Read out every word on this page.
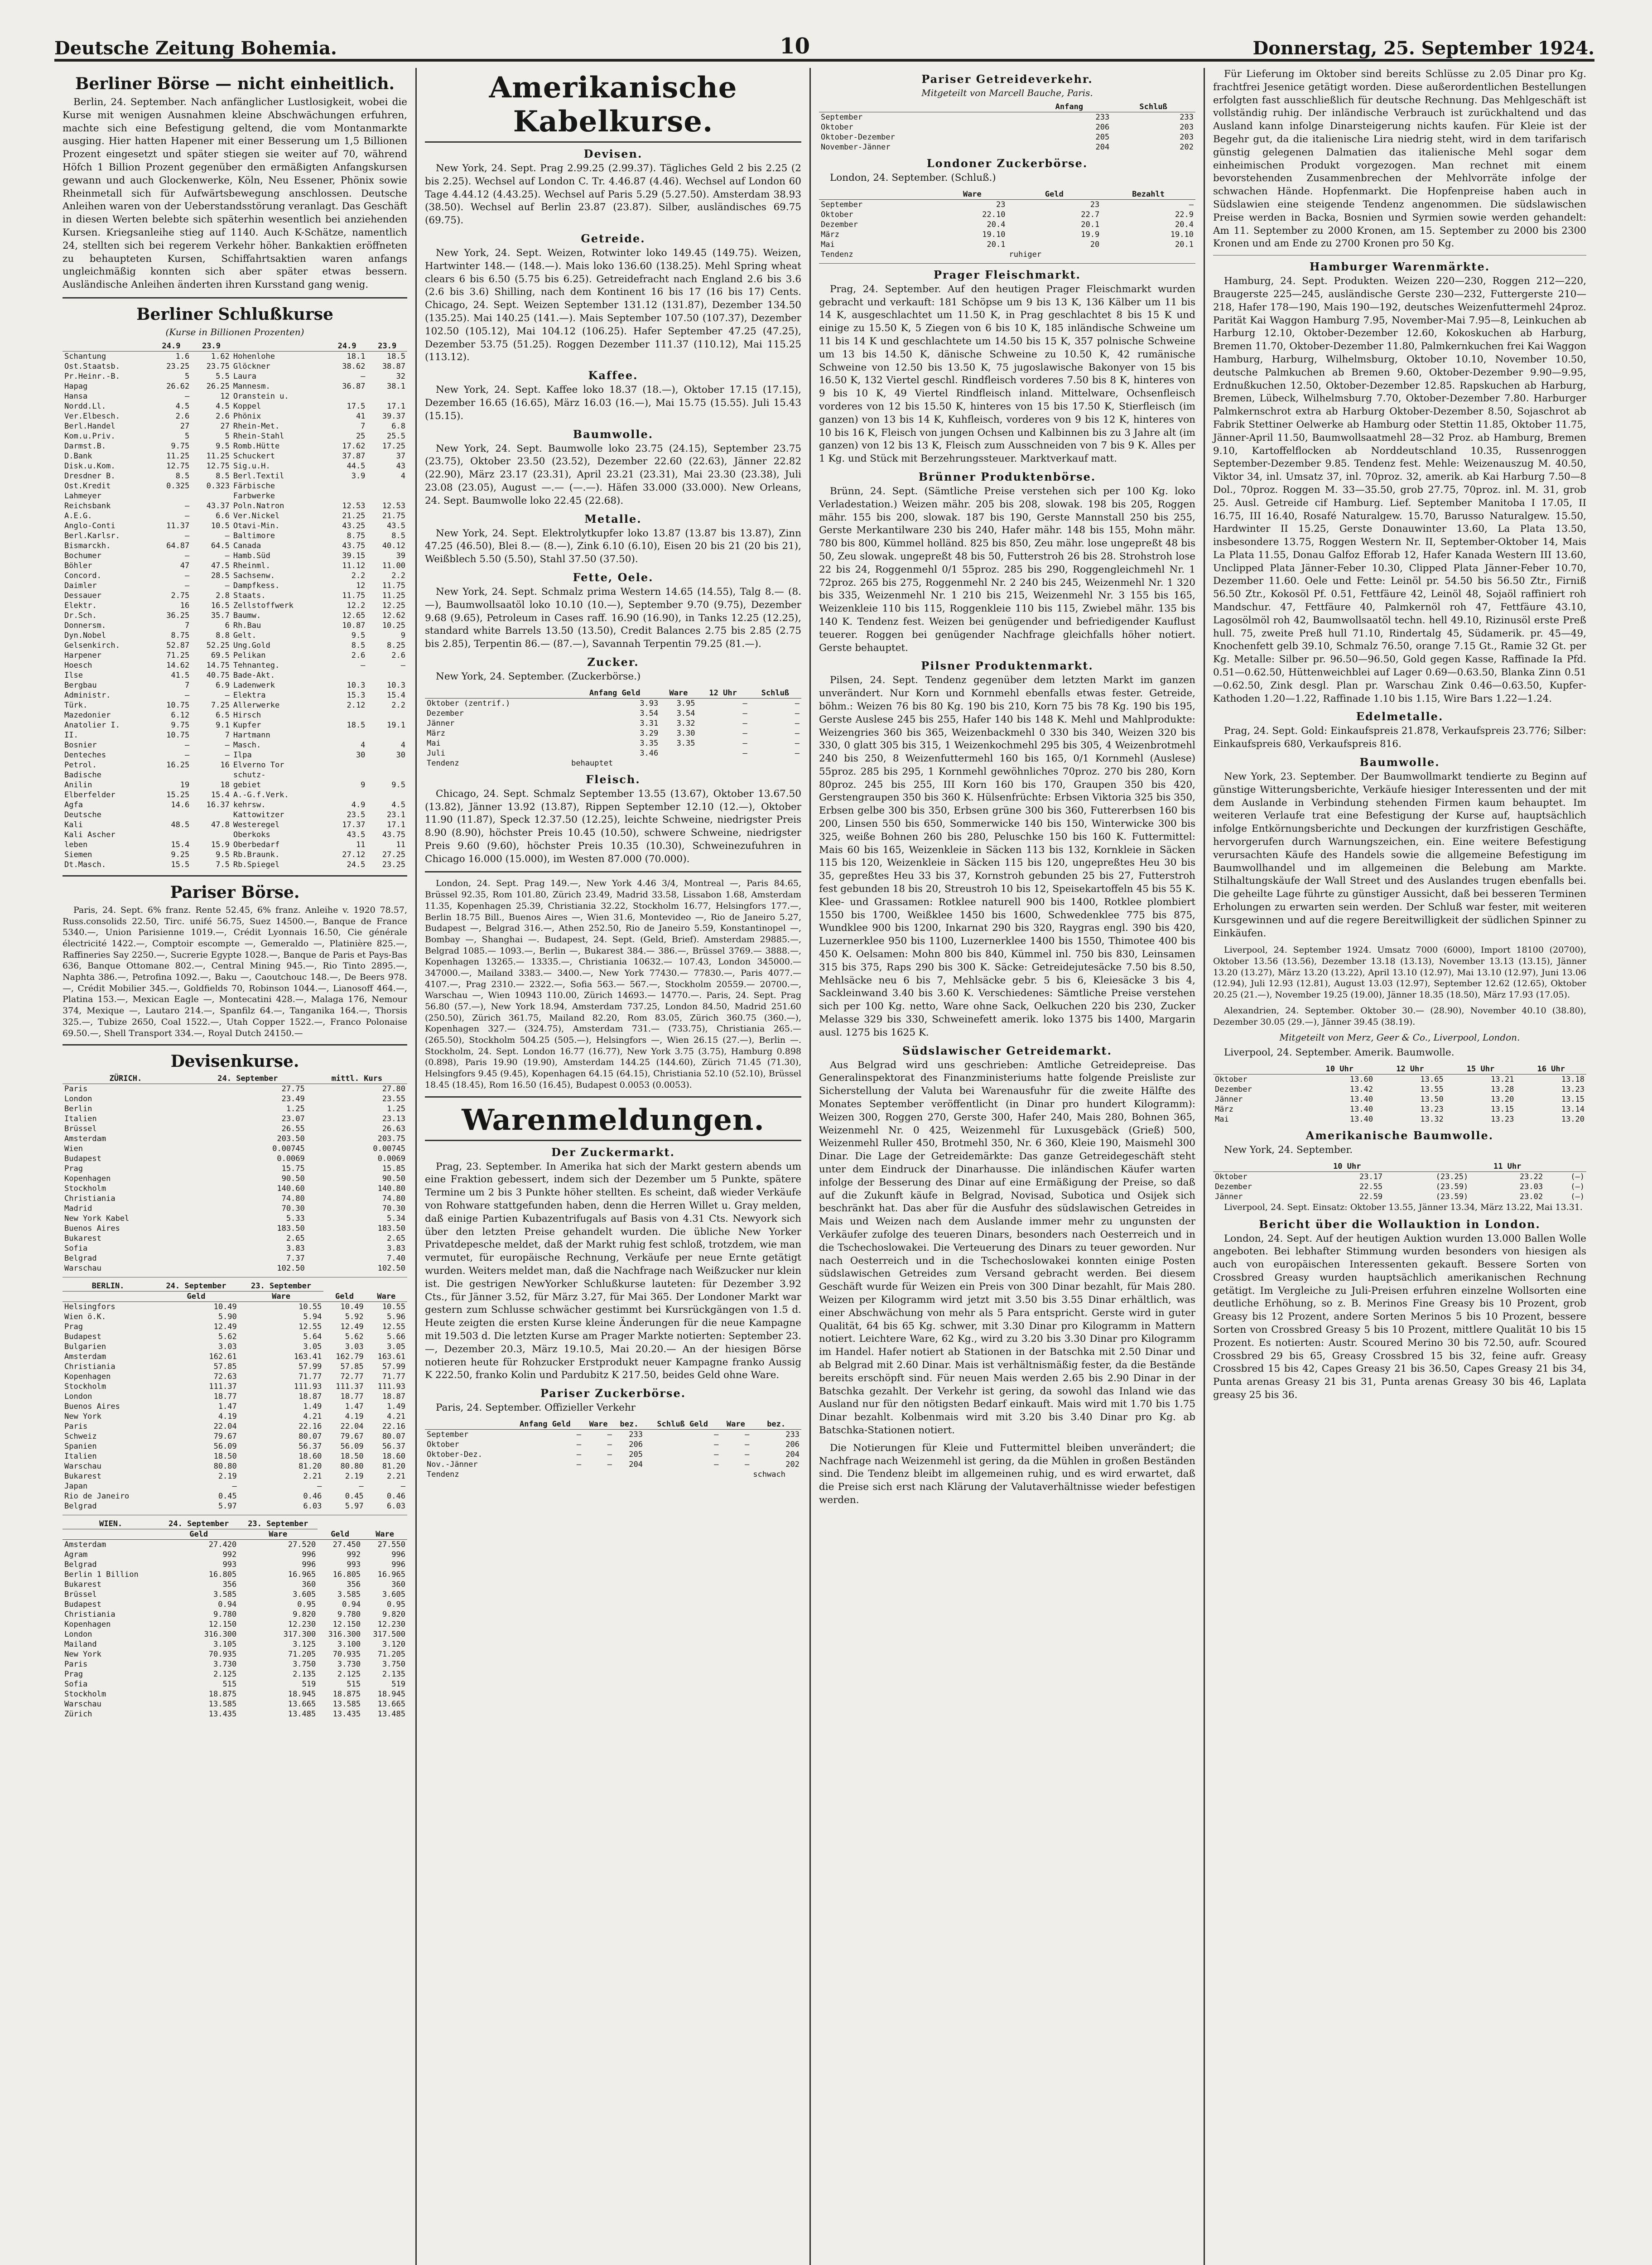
Deutsche Zeitung Bohemia.	10	Donnerstag, 25. September 1924.
Berliner Börse — nicht einheitlich.

Berlin, 24. September. Nach anfänglicher Lustlosigkeit, wobei die Kurse mit wenigen Ausnahmen kleine Abschwächungen erfuhren, machte sich eine Befestigung geltend, die vom Montanmarkte ausging. Hier hatten Hapener mit einer Besserung um 1,5 Billionen Prozent eingesetzt und später stiegen sie weiter auf 70, während Höfch 1 Billion Prozent gegenüber den ermäßigten Anfangskursen gewann und auch Glockenwerke, Köln, Neu Essener, Phönix sowie Rheinmetall sich für Aufwärtsbewegung anschlossen. Deutsche Anleihen waren von der Ueberstandsstörung veranlagt. Das Geschäft in diesen Werten belebte sich späterhin wesentlich bei anziehenden Kursen. Kriegsanleihe stieg auf 1140. Auch K-Schätze, namentlich 24, stellten sich bei regerem Verkehr höher. Bankaktien eröffneten zu behaupteten Kursen, Schiffahrtsaktien waren anfangs ungleichmäßig konnten sich aber später etwas bessern. Ausländische Anleihen änderten ihren Kursstand gang wenig.

Berliner Schlußkurse
(Kurse in Billionen Prozenten)
	24.9	23.9		24.9	23.9
Schantung	1.6	1.62	Hohenlohe	18.1	18.5
Ost.Staatsb.	23.25	23.75	Glöckner	38.62	38.87
Pr.Heinr.-B.	5	5.5	Laura	—	32
Hapag	26.62	26.25	Mannesm.	36.87	38.1
Hansa	—	12	Oranstein u.		
Nordd.Ll.	4.5	4.5	Koppel	17.5	17.1
Ver.Elbesch.	2.6	2.6	Phönix	41	39.37
Berl.Handel	27	27	Rhein-Met.	7	6.8
Kom.u.Priv.	5	5	Rhein-Stahl	25	25.5
Darmst.B.	9.75	9.5	Romb.Hütte	17.62	17.25
D.Bank	11.25	11.25	Schuckert	37.87	37
Disk.u.Kom.	12.75	12.75	Sig.u.H.	44.5	43
Dresdner B.	8.5	8.5	Berl.Textil	3.9	4
Ost.Kredit	0.325	0.323	Färbische		
Lahmeyer			Farbwerke		
Reichsbank	—	43.37	Poln.Natron	12.53	12.53
A.E.G.	—	6.6	Ver.Nickel	21.25	21.75
Anglo-Conti	11.37	10.5	Otavi-Min.	43.25	43.5
Berl.Karlsr.	—	—	Baltimore	8.75	8.5
Bismarckh.	64.87	64.5	Canada	43.75	40.12
Bochumer	—	—	Hamb.Süd	39.15	39
Böhler	47	47.5	Rheinml.	11.12	11.00
Concord.	—	28.5	Sachsenw.	2.2	2.2
Daimler	—	—	Dampfkess.	12	11.75
Dessauer	2.75	2.8	Staats.	11.75	11.25
Elektr.	16	16.5	Zellstoffwerk	12.2	12.25
Dr.Sch.	36.25	35.7	Baumw.	12.65	12.62
Donnersm.	7	6	Rh.Bau	10.87	10.25
Dyn.Nobel	8.75	8.8	Gelt.	9.5	9
Gelsenkirch.	52.87	52.25	Ung.Gold	8.5	8.25
Harpener	71.25	69.5	Pelikan	2.6	2.6
Hoesch	14.62	14.75	Tehnanteg.	—	—
Ilse	41.5	40.75	Bade-Akt.		
Bergbau	7	6.9	Ladenwerk	10.3	10.3
Administr.	—	—	Elektra	15.3	15.4
Türk.	10.75	7.25	Allerwerke	2.12	2.2
Mazedonier	6.12	6.5	Hirsch		
Anatolier I.	9.75	9.1	Kupfer	18.5	19.1
II.	10.75	7	Hartmann		
Bosnier	—	—	Masch.	4	4
Denteches	—	—	Ilpa	30	30
Petrol.	16.25	16	Elverno Tor		
Badische			schutz-		
Anilin	19	18	gebiet	9	9.5
Elberfelder	15.25	15.4	A.-G.f.Verk.		
Agfa	14.6	16.37	kehrsw.	4.9	4.5
Deutsche			Kattowitzer	23.5	23.1
Kali	48.5	47.8	Westeregel	17.37	17.1
Kali Ascher			Oberkoks	43.5	43.75
leben	15.4	15.9	Oberbedarf	11	11
Siemen	9.25	9.5	Rb.Braunk.	27.12	27.25
Dt.Masch.	15.5	7.5	Rb.Spiegel	24.5	23.25
Pariser Börse.

Paris, 24. Sept. 6% franz. Rente 52.45, 6% franz. Anleihe v. 1920 78.57, Russ.consolids 22.50, Tirc. unifé 56.75, Suez 14500.—, Banque de France 5340.—, Union Parisienne 1019.—, Crédit Lyonnais 16.50, Cie générale électricité 1422.—, Comptoir escompte —, Gemeraldo —, Platinière 825.—, Raffineries Say 2250.—, Sucrerie Egypte 1028.—, Banque de Paris et Pays-Bas 636, Banque Ottomane 802.—, Central Mining 945.—, Rio Tinto 2895.—, Naphta 386.—, Petrofina 1092.—, Baku —, Caoutchouc 148.—, De Beers 978.—, Crédit Mobilier 345.—, Goldfields 70, Robinson 1044.—, Lianosoff 464.—, Platina 153.—, Mexican Eagle —, Montecatini 428.—, Malaga 176, Nemour 374, Mexique —, Lautaro 214.—, Spanfilz 64.—, Tanganika 164.—, Thorsis 325.—, Tubize 2650, Coal 1522.—, Utah Copper 1522.—, Franco Polonaise 69.50.—, Shell Transport 334.—, Royal Dutch 24150.—

Devisenkurse.
ZÜRICH.	24. September	mittl. Kurs
Paris	27.75	27.80
London	23.49	23.55
Berlin	1.25	1.25
Italien	23.07	23.13
Brüssel	26.55	26.63
Amsterdam	203.50	203.75
Wien	0.00745	0.00745
Budapest	0.0069	0.0069
Prag	15.75	15.85
Kopenhagen	90.50	90.50
Stockholm	140.60	140.80
Christiania	74.80	74.80
Madrid	70.30	70.30
New York Kabel	5.33	5.34
Buenos Aires	183.50	183.50
Bukarest	2.65	2.65
Sofia	3.83	3.83
Belgrad	7.37	7.40
Warschau	102.50	102.50
BERLIN.	24. September	23. September		
	Geld	Ware	Geld	Ware
Helsingfors	10.49	10.55	10.49	10.55
Wien ö.K.	5.90	5.94	5.92	5.96
Prag	12.49	12.55	12.49	12.55
Budapest	5.62	5.64	5.62	5.66
Bulgarien	3.03	3.05	3.03	3.05
Amsterdam	162.61	163.41	162.79	163.61
Christiania	57.85	57.99	57.85	57.99
Kopenhagen	72.63	71.77	72.77	71.77
Stockholm	111.37	111.93	111.37	111.93
London	18.77	18.87	18.77	18.87
Buenos Aires	1.47	1.49	1.47	1.49
New York	4.19	4.21	4.19	4.21
Paris	22.04	22.16	22.04	22.16
Schweiz	79.67	80.07	79.67	80.07
Spanien	56.09	56.37	56.09	56.37
Italien	18.50	18.60	18.50	18.60
Warschau	80.80	81.20	80.80	81.20
Bukarest	2.19	2.21	2.19	2.21
Japan	—	—	—	—
Rio de Janeiro	0.45	0.46	0.45	0.46
Belgrad	5.97	6.03	5.97	6.03
WIEN.	24. September	23. September		
	Geld	Ware	Geld	Ware
Amsterdam	27.420	27.520	27.450	27.550
Agram	992	996	992	996
Belgrad	993	996	993	996
Berlin 1 Billion	16.805	16.965	16.805	16.965
Bukarest	356	360	356	360
Brüssel	3.585	3.605	3.585	3.605
Budapest	0.94	0.95	0.94	0.95
Christiania	9.780	9.820	9.780	9.820
Kopenhagen	12.150	12.230	12.150	12.230
London	316.300	317.300	316.300	317.500
Mailand	3.105	3.125	3.100	3.120
New York	70.935	71.205	70.935	71.205
Paris	3.730	3.750	3.730	3.750
Prag	2.125	2.135	2.125	2.135
Sofia	515	519	515	519
Stockholm	18.875	18.945	18.875	18.945
Warschau	13.585	13.665	13.585	13.665
Zürich	13.435	13.485	13.435	13.485
Amerikanische Kabelkurse.
Devisen.

New York, 24. Sept. Prag 2.99.25 (2.99.37). Tägliches Geld 2 bis 2.25 (2 bis 2.25). Wechsel auf London C. Tr. 4.46.87 (4.46). Wechsel auf London 60 Tage 4.44.12 (4.43.25). Wechsel auf Paris 5.29 (5.27.50). Amsterdam 38.93 (38.50). Wechsel auf Berlin 23.87 (23.87). Silber, ausländisches 69.75 (69.75).

Getreide.

New York, 24. Sept. Weizen, Rotwinter loko 149.45 (149.75). Weizen, Hartwinter 148.— (148.—). Mais loko 136.60 (138.25). Mehl Spring wheat clears 6 bis 6.50 (5.75 bis 6.25). Getreidefracht nach England 2.6 bis 3.6 (2.6 bis 3.6) Shilling, nach dem Kontinent 16 bis 17 (16 bis 17) Cents. Chicago, 24. Sept. Weizen September 131.12 (131.87), Dezember 134.50 (135.25). Mai 140.25 (141.—). Mais September 107.50 (107.37), Dezember 102.50 (105.12), Mai 104.12 (106.25). Hafer September 47.25 (47.25), Dezember 53.75 (51.25). Roggen Dezember 111.37 (110.12), Mai 115.25 (113.12).

Kaffee.

New York, 24. Sept. Kaffee loko 18.37 (18.—), Oktober 17.15 (17.15), Dezember 16.65 (16.65), März 16.03 (16.—), Mai 15.75 (15.55). Juli 15.43 (15.15).

Baumwolle.

New York, 24. Sept. Baumwolle loko 23.75 (24.15), September 23.75 (23.75), Oktober 23.50 (23.52), Dezember 22.60 (22.63), Jänner 22.82 (22.90), März 23.17 (23.31), April 23.21 (23.31), Mai 23.30 (23.38), Juli 23.08 (23.05), August —.— (—.—). Häfen 33.000 (33.000). New Orleans, 24. Sept. Baumwolle loko 22.45 (22.68).

Metalle.

New York, 24. Sept. Elektrolytkupfer loko 13.87 (13.87 bis 13.87), Zinn 47.25 (46.50), Blei 8.— (8.—), Zink 6.10 (6.10), Eisen 20 bis 21 (20 bis 21), Weißblech 5.50 (5.50), Stahl 37.50 (37.50).

Fette, Oele.

New York, 24. Sept. Schmalz prima Western 14.65 (14.55), Talg 8.— (8.—), Baumwollsaatöl loko 10.10 (10.—), September 9.70 (9.75), Dezember 9.68 (9.65), Petroleum in Cases raff. 16.90 (16.90), in Tanks 12.25 (12.25), standard white Barrels 13.50 (13.50), Credit Balances 2.75 bis 2.85 (2.75 bis 2.85), Terpentin 86.— (87.—), Savannah Terpentin 79.25 (81.—).

Zucker.

New York, 24. September. (Zuckerbörse.)

	Anfang Geld	Ware	12 Uhr	Schluß
Oktober (zentrif.)	3.93	3.95	—	—
Dezember	3.54	3.54	—	—
Jänner	3.31	3.32	—	—
März	3.29	3.30	—	—
Mai	3.35	3.35	—	—
Juli	3.46		—	—
Tendenz	behauptet			
Fleisch.

Chicago, 24. Sept. Schmalz September 13.55 (13.67), Oktober 13.67.50 (13.82), Jänner 13.92 (13.87), Rippen September 12.10 (12.—), Oktober 11.90 (11.87), Speck 12.37.50 (12.25), leichte Schweine, niedrigster Preis 8.90 (8.90), höchster Preis 10.45 (10.50), schwere Schweine, niedrigster Preis 9.60 (9.60), höchster Preis 10.35 (10.30), Schweinezufuhren in Chicago 16.000 (15.000), im Westen 87.000 (70.000).

London, 24. Sept. Prag 149.—, New York 4.46 3/4, Montreal —, Paris 84.65, Brüssel 92.35, Rom 101.80, Zürich 23.49, Madrid 33.58, Lissabon 1.68, Amsterdam 11.35, Kopenhagen 25.39, Christiania 32.22, Stockholm 16.77, Helsingfors 177.—, Berlin 18.75 Bill., Buenos Aires —, Wien 31.6, Montevideo —, Rio de Janeiro 5.27, Budapest —, Belgrad 316.—, Athen 252.50, Rio de Janeiro 5.59, Konstantinopel —, Bombay —, Shanghai —. Budapest, 24. Sept. (Geld, Brief). Amsterdam 29885.—, Belgrad 1085.— 1093.—, Berlin —, Bukarest 384.— 386.—, Brüssel 3769.— 3888.—, Kopenhagen 13265.— 13335.—, Christiania 10632.— 107.43, London 345000.— 347000.—, Mailand 3383.— 3400.—, New York 77430.— 77830.—, Paris 4077.— 4107.—, Prag 2310.— 2322.—, Sofia 563.— 567.—, Stockholm 20559.— 20700.—, Warschau —, Wien 10943 110.00, Zürich 14693.— 14770.—. Paris, 24. Sept. Prag 56.80 (57.—), New York 18.94, Amsterdam 737.25, London 84.50, Madrid 251.60 (250.50), Zürich 361.75, Mailand 82.20, Rom 83.05, Zürich 360.75 (360.—), Kopenhagen 327.— (324.75), Amsterdam 731.— (733.75), Christiania 265.— (265.50), Stockholm 504.25 (505.—), Helsingfors —, Wien 26.15 (27.—), Berlin —. Stockholm, 24. Sept. London 16.77 (16.77), New York 3.75 (3.75), Hamburg 0.898 (0.898), Paris 19.90 (19.90), Amsterdam 144.25 (144.60), Zürich 71.45 (71.30), Helsingfors 9.45 (9.45), Kopenhagen 64.15 (64.15), Christiania 52.10 (52.10), Brüssel 18.45 (18.45), Rom 16.50 (16.45), Budapest 0.0053 (0.0053).

Warenmeldungen.
Der Zuckermarkt.

Prag, 23. September. In Amerika hat sich der Markt gestern abends um eine Fraktion gebessert, indem sich der Dezember um 5 Punkte, spätere Termine um 2 bis 3 Punkte höher stellten. Es scheint, daß wieder Verkäufe von Rohware stattgefunden haben, denn die Herren Willet u. Gray melden, daß einige Partien Kubazentrifugals auf Basis von 4.31 Cts. Newyork sich über den letzten Preise gehandelt wurden. Die übliche New Yorker Privatdepesche meldet, daß der Markt ruhig fest schloß, trotzdem, wie man vermutet, für europäische Rechnung, Verkäufe per neue Ernte getätigt wurden. Weiters meldet man, daß die Nachfrage nach Weißzucker nur klein ist. Die gestrigen NewYorker Schlußkurse lauteten: für Dezember 3.92 Cts., für Jänner 3.52, für März 3.27, für Mai 365. Der Londoner Markt war gestern zum Schlusse schwächer gestimmt bei Kursrückgängen von 1.5 d. Heute zeigten die ersten Kurse kleine Änderungen für die neue Kampagne mit 19.503 d. Die letzten Kurse am Prager Markte notierten: September 23.—, Dezember 20.3, März 19.10.5, Mai 20.20.— An der hiesigen Börse notieren heute für Rohzucker Erstprodukt neuer Kampagne franko Aussig K 222.50, franko Kolin und Pardubitz K 217.50, beides Geld ohne Ware.

Pariser Zuckerbörse.

Paris, 24. September. Offizieller Verkehr

	Anfang Geld	Ware	bez.	Schluß Geld	Ware	bez.
September	—	—	233	—	—	233
Oktober	—	—	206	—	—	206
Oktober-Dez.	—	—	205	—	—	204
Nov.-Jänner	—	—	204	—	—	202
Tendenz						schwach
Pariser Getreideverkehr.
Mitgeteilt von Marcell Bauche, Paris.
	Anfang	Schluß
September	233	233
Oktober	206	203
Oktober-Dezember	205	203
November-Jänner	204	202
Londoner Zuckerbörse.

London, 24. September. (Schluß.)

	Ware	Geld	Bezahlt
September	23	23	—
Oktober	22.10	22.7	22.9
Dezember	20.4	20.1	20.4
März	19.10	19.9	19.10
Mai	20.1	20	20.1
Tendenz		ruhiger	
Prager Fleischmarkt.

Prag, 24. September. Auf den heutigen Prager Fleischmarkt wurden gebracht und verkauft: 181 Schöpse um 9 bis 13 K, 136 Kälber um 11 bis 14 K, ausgeschlachtet um 11.50 K, in Prag geschlachtet 8 bis 15 K und einige zu 15.50 K, 5 Ziegen von 6 bis 10 K, 185 inländische Schweine um 11 bis 14 K und geschlachtete um 14.50 bis 15 K, 357 polnische Schweine um 13 bis 14.50 K, dänische Schweine zu 10.50 K, 42 rumänische Schweine von 12.50 bis 13.50 K, 75 jugoslawische Bakonyer von 15 bis 16.50 K, 132 Viertel geschl. Rindfleisch vorderes 7.50 bis 8 K, hinteres von 9 bis 10 K, 49 Viertel Rindfleisch inland. Mittelware, Ochsenfleisch vorderes von 12 bis 15.50 K, hinteres von 15 bis 17.50 K, Stierfleisch (im ganzen) von 13 bis 14 K, Kuhfleisch, vorderes von 9 bis 12 K, hinteres von 10 bis 16 K, Fleisch von jungen Ochsen und Kalbinnen bis zu 3 Jahre alt (im ganzen) von 12 bis 13 K, Fleisch zum Ausschneiden von 7 bis 9 K. Alles per 1 Kg. und Stück mit Berzehrungssteuer. Marktverkauf matt.

Brünner Produktenbörse.

Brünn, 24. Sept. (Sämtliche Preise verstehen sich per 100 Kg. loko Verladestation.) Weizen mähr. 205 bis 208, slowak. 198 bis 205, Roggen mähr. 155 bis 200, slowak. 187 bis 190, Gerste Mannstall 250 bis 255, Gerste Merkantilware 230 bis 240, Hafer mähr. 148 bis 155, Mohn mähr. 780 bis 800, Kümmel holländ. 825 bis 850, Zeu mähr. lose ungepreßt 48 bis 50, Zeu slowak. ungepreßt 48 bis 50, Futterstroh 26 bis 28. Strohstroh lose 22 bis 24, Roggenmehl 0/1 55proz. 285 bis 290, Roggengleichmehl Nr. 1 72proz. 265 bis 275, Roggenmehl Nr. 2 240 bis 245, Weizenmehl Nr. 1 320 bis 335, Weizenmehl Nr. 1 210 bis 215, Weizenmehl Nr. 3 155 bis 165, Weizenkleie 110 bis 115, Roggenkleie 110 bis 115, Zwiebel mähr. 135 bis 140 K. Tendenz fest. Weizen bei genügender und befriedigender Kauflust teuerer. Roggen bei genügender Nachfrage gleichfalls höher notiert. Gerste behauptet.

Pilsner Produktenmarkt.

Pilsen, 24. Sept. Tendenz gegenüber dem letzten Markt im ganzen unverändert. Nur Korn und Kornmehl ebenfalls etwas fester. Getreide, böhm.: Weizen 76 bis 80 Kg. 190 bis 210, Korn 75 bis 78 Kg. 190 bis 195, Gerste Auslese 245 bis 255, Hafer 140 bis 148 K. Mehl und Mahlprodukte: Weizengries 360 bis 365, Weizenbackmehl 0 330 bis 340, Weizen 320 bis 330, 0 glatt 305 bis 315, 1 Weizenkochmehl 295 bis 305, 4 Weizenbrotmehl 240 bis 250, 8 Weizenfuttermehl 160 bis 165, 0/1 Kornmehl (Auslese) 55proz. 285 bis 295, 1 Kornmehl gewöhnliches 70proz. 270 bis 280, Korn 80proz. 245 bis 255, III Korn 160 bis 170, Graupen 350 bis 420, Gerstengraupen 350 bis 360 K. Hülsenfrüchte: Erbsen Viktoria 325 bis 350, Erbsen gelbe 300 bis 350, Erbsen grüne 300 bis 360, Futtererbsen 160 bis 200, Linsen 550 bis 650, Sommerwicke 140 bis 150, Winterwicke 300 bis 325, weiße Bohnen 260 bis 280, Peluschke 150 bis 160 K. Futtermittel: Mais 60 bis 165, Weizenkleie in Säcken 113 bis 132, Kornkleie in Säcken 115 bis 120, Weizenkleie in Säcken 115 bis 120, ungepreßtes Heu 30 bis 35, gepreßtes Heu 33 bis 37, Kornstroh gebunden 25 bis 27, Futterstroh fest gebunden 18 bis 20, Streustroh 10 bis 12, Speisekartoffeln 45 bis 55 K. Klee- und Grassamen: Rotklee naturell 900 bis 1400, Rotklee plombiert 1550 bis 1700, Weißklee 1450 bis 1600, Schwedenklee 775 bis 875, Wundklee 900 bis 1200, Inkarnat 290 bis 320, Raygras engl. 390 bis 420, Luzernerklee 950 bis 1100, Luzernerklee 1400 bis 1550, Thimotee 400 bis 450 K. Oelsamen: Mohn 800 bis 840, Kümmel inl. 750 bis 830, Leinsamen 315 bis 375, Raps 290 bis 300 K. Säcke: Getreidejutesäcke 7.50 bis 8.50, Mehlsäcke neu 6 bis 7, Mehlsäcke gebr. 5 bis 6, Kleiesäcke 3 bis 4, Sackleinwand 3.40 bis 3.60 K. Verschiedenes: Sämtliche Preise verstehen sich per 100 Kg. netto, Ware ohne Sack, Oelkuchen 220 bis 230, Zucker Melasse 329 bis 330, Schweinefett amerik. loko 1375 bis 1400, Margarin ausl. 1275 bis 1625 K.

Südslawischer Getreidemarkt.

Aus Belgrad wird uns geschrieben: Amtliche Getreidepreise. Das Generalinspektorat des Finanzministeriums hatte folgende Preisliste zur Sicherstellung der Valuta bei Warenausfuhr für die zweite Hälfte des Monates September veröffentlicht (in Dinar pro hundert Kilogramm): Weizen 300, Roggen 270, Gerste 300, Hafer 240, Mais 280, Bohnen 365, Weizenmehl Nr. 0 425, Weizenmehl für Luxusgebäck (Grieß) 500, Weizenmehl Ruller 450, Brotmehl 350, Nr. 6 360, Kleie 190, Maismehl 300 Dinar. Die Lage der Getreidemärkte: Das ganze Getreidegeschäft steht unter dem Eindruck der Dinarhausse. Die inländischen Käufer warten infolge der Besserung des Dinar auf eine Ermäßigung der Preise, so daß auf die Zukunft käufe in Belgrad, Novisad, Subotica und Osijek sich beschränkt hat. Das aber für die Ausfuhr des südslawischen Getreides in Mais und Weizen nach dem Auslande immer mehr zu ungunsten der Verkäufer zufolge des teueren Dinars, besonders nach Oesterreich und in die Tschechoslowakei. Die Verteuerung des Dinars zu teuer geworden. Nur nach Oesterreich und in die Tschechoslowakei konnten einige Posten südslawischen Getreides zum Versand gebracht werden. Bei diesem Geschäft wurde für Weizen ein Preis von 300 Dinar bezahlt, für Mais 280. Weizen per Kilogramm wird jetzt mit 3.50 bis 3.55 Dinar erhältlich, was einer Abschwächung von mehr als 5 Para entspricht. Gerste wird in guter Qualität, 64 bis 65 Kg. schwer, mit 3.30 Dinar pro Kilogramm in Mattern notiert. Leichtere Ware, 62 Kg., wird zu 3.20 bis 3.30 Dinar pro Kilogramm im Handel. Hafer notiert ab Stationen in der Batschka mit 2.50 Dinar und ab Belgrad mit 2.60 Dinar. Mais ist verhältnismäßig fester, da die Bestände bereits erschöpft sind. Für neuen Mais werden 2.65 bis 2.90 Dinar in der Batschka gezahlt. Der Verkehr ist gering, da sowohl das Inland wie das Ausland nur für den nötigsten Bedarf einkauft. Mais wird mit 1.70 bis 1.75 Dinar bezahlt. Kolbenmais wird mit 3.20 bis 3.40 Dinar pro Kg. ab Batschka-Stationen notiert.

Die Notierungen für Kleie und Futtermittel bleiben unverändert; die Nachfrage nach Weizenmehl ist gering, da die Mühlen in großen Beständen sind. Die Tendenz bleibt im allgemeinen ruhig, und es wird erwartet, daß die Preise sich erst nach Klärung der Valutaverhältnisse wieder befestigen werden.

Für Lieferung im Oktober sind bereits Schlüsse zu 2.05 Dinar pro Kg. frachtfrei Jesenice getätigt worden. Diese außerordentlichen Bestellungen erfolgten fast ausschließlich für deutsche Rechnung. Das Mehlgeschäft ist vollständig ruhig. Der inländische Verbrauch ist zurückhaltend und das Ausland kann infolge Dinarsteigerung nichts kaufen. Für Kleie ist der Begehr gut, da die italienische Lira niedrig steht, wird in dem tarifarisch günstig gelegenen Dalmatien das italienische Mehl sogar dem einheimischen Produkt vorgezogen. Man rechnet mit einem bevorstehenden Zusammenbrechen der Mehlvorräte infolge der schwachen Hände. Hopfenmarkt. Die Hopfenpreise haben auch in Südslawien eine steigende Tendenz angenommen. Die südslawischen Preise werden in Backa, Bosnien und Syrmien sowie werden gehandelt: Am 11. September zu 2000 Kronen, am 15. September zu 2000 bis 2300 Kronen und am Ende zu 2700 Kronen pro 50 Kg.

Hamburger Warenmärkte.

Hamburg, 24. Sept. Produkten. Weizen 220—230, Roggen 212—220, Braugerste 225—245, ausländische Gerste 230—232, Futtergerste 210—218, Hafer 178—190, Mais 190—192, deutsches Weizenfuttermehl 24proz. Parität Kai Waggon Hamburg 7.95, November-Mai 7.95—8, Leinkuchen ab Harburg 12.10, Oktober-Dezember 12.60, Kokoskuchen ab Harburg, Bremen 11.70, Oktober-Dezember 11.80, Palmkernkuchen frei Kai Waggon Hamburg, Harburg, Wilhelmsburg, Oktober 10.10, November 10.50, deutsche Palmkuchen ab Bremen 9.60, Oktober-Dezember 9.90—9.95, Erdnußkuchen 12.50, Oktober-Dezember 12.85. Rapskuchen ab Harburg, Bremen, Lübeck, Wilhelmsburg 7.70, Oktober-Dezember 7.80. Harburger Palmkernschrot extra ab Harburg Oktober-Dezember 8.50, Sojaschrot ab Fabrik Stettiner Oelwerke ab Hamburg oder Stettin 11.85, Oktober 11.75, Jänner-April 11.50, Baumwollsaatmehl 28—32 Proz. ab Hamburg, Bremen 9.10, Kartoffelflocken ab Norddeutschland 10.35, Russenroggen September-Dezember 9.85. Tendenz fest. Mehle: Weizenauszug M. 40.50, Viktor 34, inl. Umsatz 37, inl. 70proz. 32, amerik. ab Kai Harburg 7.50—8 Dol., 70proz. Roggen M. 33—35.50, grob 27.75, 70proz. inl. M. 31, grob 25. Ausl. Getreide cif Hamburg. Lief. September Manitoba I 17.05, II 16.75, III 16.40, Rosafé Naturalgew. 15.70, Barusso Naturalgew. 15.50, Hardwinter II 15.25, Gerste Donauwinter 13.60, La Plata 13.50, insbesondere 13.75, Roggen Western Nr. II, September-Oktober 14, Mais La Plata 11.55, Donau Galfoz Efforab 12, Hafer Kanada Western III 13.60, Unclipped Plata Jänner-Feber 10.30, Clipped Plata Jänner-Feber 10.70, Dezember 11.60. Oele und Fette: Leinöl pr. 54.50 bis 56.50 Ztr., Firniß 56.50 Ztr., Kokosöl Pf. 0.51, Fettfäure 42, Leinöl 48, Sojaöl raffiniert roh Mandschur. 47, Fettfäure 40, Palmkernöl roh 47, Fettfäure 43.10, Lagosölmöl roh 42, Baumwollsaatöl techn. hell 49.10, Rizinusöl erste Preß hull. 75, zweite Preß hull 71.10, Rindertalg 45, Südamerik. pr. 45—49, Knochenfett gelb 39.10, Schmalz 76.50, orange 7.15 Gt., Ramie 32 Gt. per Kg. Metalle: Silber pr. 96.50—96.50, Gold gegen Kasse, Raffinade Ia Pfd. 0.51—0.62.50, Hüttenweichblei auf Lager 0.69—0.63.50, Blanka Zinn 0.51—0.62.50, Zink desgl. Plan pr. Warschau Zink 0.46—0.63.50, Kupfer-Kathoden 1.20—1.22, Raffinade 1.10 bis 1.15, Wire Bars 1.22—1.24.

Edelmetalle.

Prag, 24. Sept. Gold: Einkaufspreis 21.878, Verkaufspreis 23.776; Silber: Einkaufspreis 680, Verkaufspreis 816.

Baumwolle.

New York, 23. September. Der Baumwollmarkt tendierte zu Beginn auf günstige Witterungsberichte, Verkäufe hiesiger Interessenten und der mit dem Auslande in Verbindung stehenden Firmen kaum behauptet. Im weiteren Verlaufe trat eine Befestigung der Kurse auf, hauptsächlich infolge Entkörnungsberichte und Deckungen der kurzfristigen Geschäfte, hervorgerufen durch Warnungszeichen, ein. Eine weitere Befestigung verursachten Käufe des Handels sowie die allgemeine Befestigung im Baumwollhandel und im allgemeinen die Belebung am Markte. Stilhaltungskäufe der Wall Street und des Auslandes trugen ebenfalls bei. Die geheilte Lage führte zu günstiger Aussicht, daß bei besseren Terminen Erholungen zu erwarten sein werden. Der Schluß war fester, mit weiteren Kursgewinnen und auf die regere Bereitwilligkeit der südlichen Spinner zu Einkäufen.

Liverpool, 24. September 1924. Umsatz 7000 (6000), Import 18100 (20700), Oktober 13.56 (13.56), Dezember 13.18 (13.13), November 13.13 (13.15), Jänner 13.20 (13.27), März 13.20 (13.22), April 13.10 (12.97), Mai 13.10 (12.97), Juni 13.06 (12.94), Juli 12.93 (12.81), August 13.03 (12.97), September 12.62 (12.65), Oktober 20.25 (21.—), November 19.25 (19.00), Jänner 18.35 (18.50), März 17.93 (17.05).

Alexandrien, 24. September. Oktober 30.— (28.90), November 40.10 (38.80), Dezember 30.05 (29.—), Jänner 39.45 (38.19).

Mitgeteilt von Merz, Geer & Co., Liverpool, London.

Liverpool, 24. September. Amerik. Baumwolle.

	10 Uhr	12 Uhr	15 Uhr	16 Uhr
Oktober	13.60	13.65	13.21	13.18
Dezember	13.42	13.55	13.28	13.23
Jänner	13.40	13.50	13.20	13.15
März	13.40	13.23	13.15	13.14
Mai	13.40	13.32	13.23	13.20
Amerikanische Baumwolle.

New York, 24. September.

	10 Uhr		11 Uhr	
Oktober	23.17	(23.25)	23.22	(—)
Dezember	22.55	(23.59)	23.03	(—)
Jänner	22.59	(23.59)	23.02	(—)

Liverpool, 24. Sept. Einsatz: Oktober 13.55, Jänner 13.34, März 13.22, Mai 13.31.

Bericht über die Wollauktion in London.

London, 24. Sept. Auf der heutigen Auktion wurden 13.000 Ballen Wolle angeboten. Bei lebhafter Stimmung wurden besonders von hiesigen als auch von europäischen Interessenten gekauft. Bessere Sorten von Crossbred Greasy wurden hauptsächlich amerikanischen Rechnung getätigt. Im Vergleiche zu Juli-Preisen erfuhren einzelne Wollsorten eine deutliche Erhöhung, so z. B. Merinos Fine Greasy bis 10 Prozent, grob Greasy bis 12 Prozent, andere Sorten Merinos 5 bis 10 Prozent, bessere Sorten von Crossbred Greasy 5 bis 10 Prozent, mittlere Qualität 10 bis 15 Prozent. Es notierten: Austr. Scoured Merino 30 bis 72.50, aufr. Scoured Crossbred 29 bis 65, Greasy Crossbred 15 bis 32, feine aufr. Greasy Crossbred 15 bis 42, Capes Greasy 21 bis 36.50, Capes Greasy 21 bis 34, Punta arenas Greasy 21 bis 31, Punta arenas Greasy 30 bis 46, Laplata greasy 25 bis 36.
